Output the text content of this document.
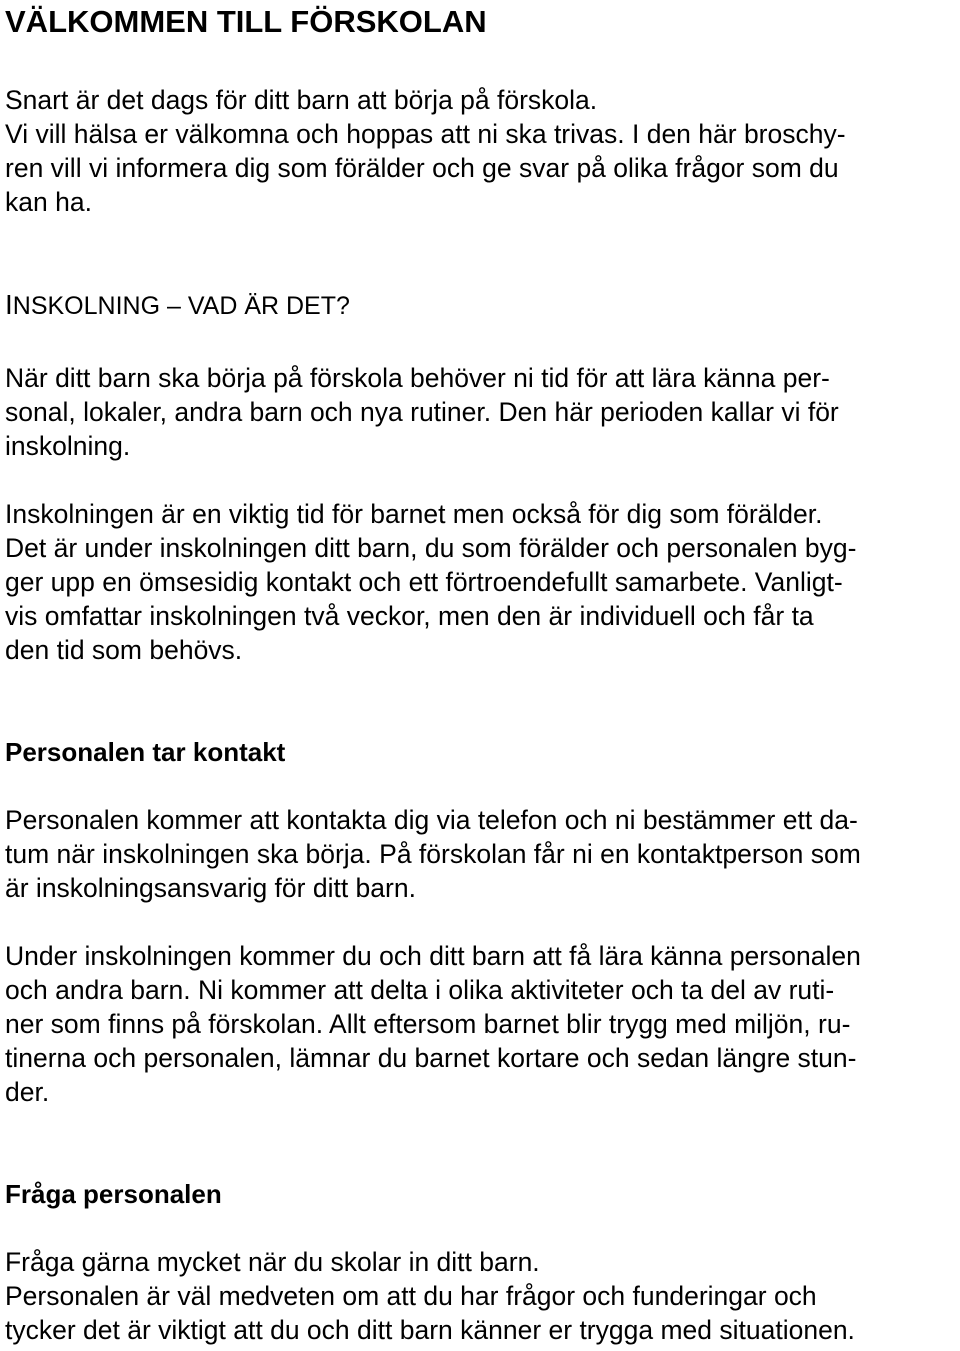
VÄLKOMMEN TILL FÖRSKOLAN
Snart är det dags för ditt barn att börja på förskola.
Vi vill hälsa er välkomna och hoppas att ni ska trivas. I den här broschy-
ren vill vi informera dig som förälder och ge svar på olika frågor som du
kan ha.
INSKOLNING – VAD ÄR DET?
När ditt barn ska börja på förskola behöver ni tid för att lära känna per-
sonal, lokaler, andra barn och nya rutiner. Den här perioden kallar vi för
inskolning.
Inskolningen är en viktig tid för barnet men också för dig som förälder.
Det är under inskolningen ditt barn, du som förälder och personalen byg-
ger upp en ömsesidig kontakt och ett förtroendefullt samarbete. Vanligt-
vis omfattar inskolningen två veckor, men den är individuell och får ta
den tid som behövs.
Personalen tar kontakt
Personalen kommer att kontakta dig via telefon och ni bestämmer ett da-
tum när inskolningen ska börja. På förskolan får ni en kontaktperson som
är inskolningsansvarig för ditt barn.
Under inskolningen kommer du och ditt barn att få lära känna personalen
och andra barn. Ni kommer att delta i olika aktiviteter och ta del av ruti-
ner som finns på förskolan. Allt eftersom barnet blir trygg med miljön, ru-
tinerna och personalen, lämnar du barnet kortare och sedan längre stun-
der.
Fråga personalen
Fråga gärna mycket när du skolar in ditt barn.
Personalen är väl medveten om att du har frågor och funderingar och
tycker det är viktigt att du och ditt barn känner er trygga med situationen.
